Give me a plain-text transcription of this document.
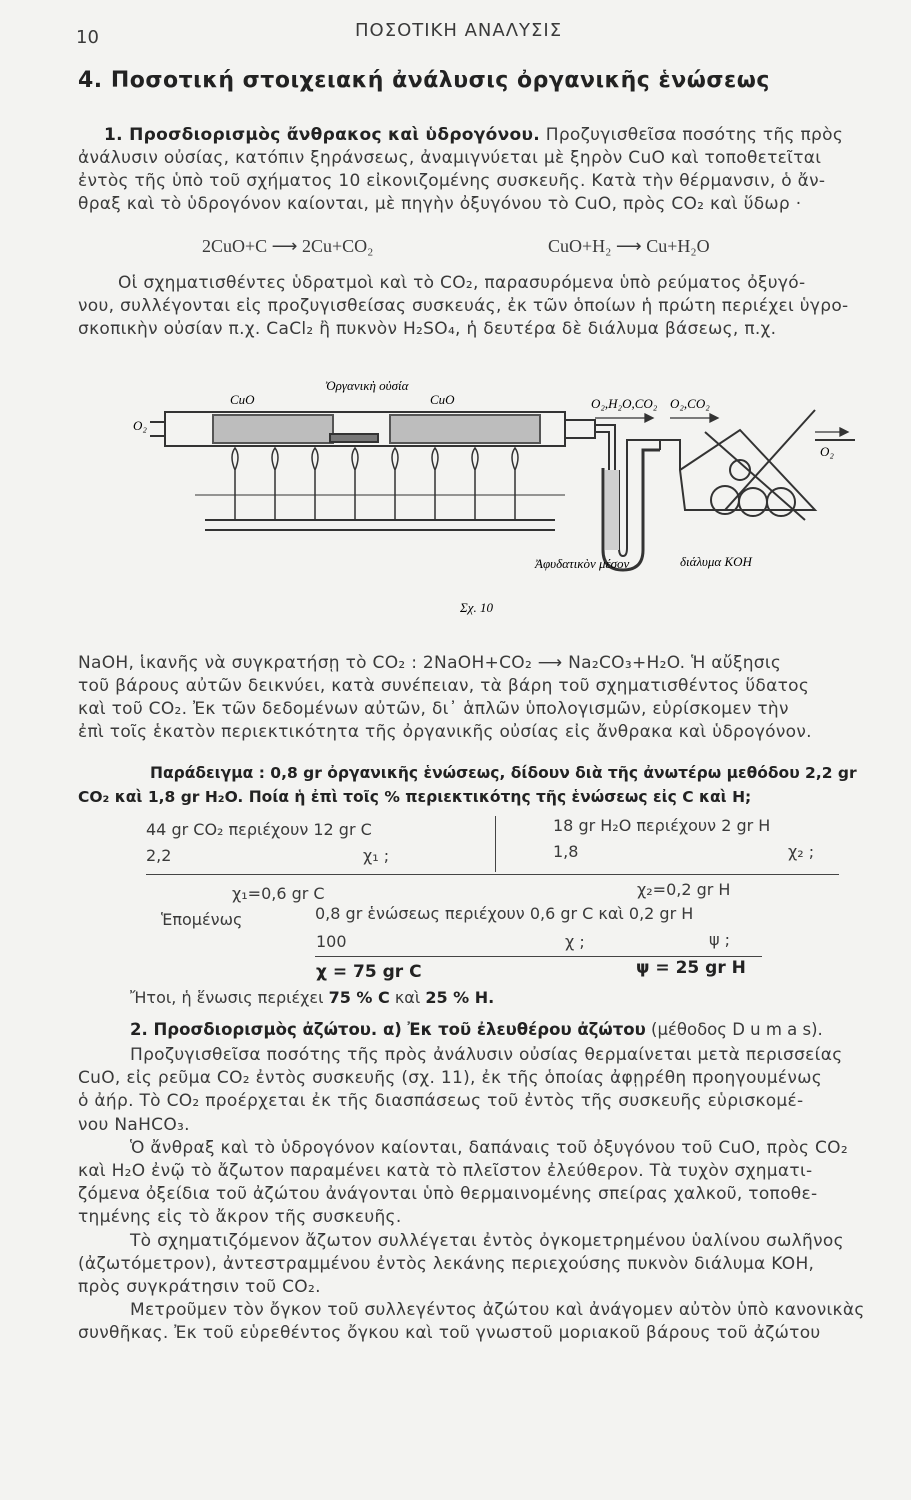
10	ΠΟΣΟΤΙΚΗ ΑΝΑΛΥΣΙΣ
4. Ποσοτική στοιχειακή ἀνάλυσις ὀργανικῆς ἑνώσεως
1. Προσδιορισμὸς ἄνθρακος καὶ ὑδρογόνου. Προζυγισθεῖσα ποσότης τῆς πρὸς
ἀνάλυσιν οὐσίας, κατόπιν ξηράνσεως, ἀναμιγνύεται μὲ ξηρὸν CuO καὶ τοποθετεῖται
ἐντὸς τῆς ὑπὸ τοῦ σχήματος 10 εἰκονιζομένης συσκευῆς. Κατὰ τὴν θέρμανσιν, ὁ ἄν-
θραξ καὶ τὸ ὑδρογόνον καίονται, μὲ πηγὴν ὀξυγόνου τὸ CuO, πρὸς CO₂ καὶ ὕδωρ ·
2CuO+C ⟶ 2Cu+CO₂	CuO+H₂ ⟶ Cu+H₂O
Οἱ σχηματισθέντες ὑδρατμοὶ καὶ τὸ CO₂, παρασυρόμενα ὑπὸ ρεύματος ὀξυγό-
νου, συλλέγονται εἰς προζυγισθείσας συσκευάς, ἐκ τῶν ὁποίων ἡ πρώτη περιέχει ὑγρο-
σκοπικὴν οὐσίαν π.χ. CaCl₂ ἢ πυκνὸν H₂SO₄, ἡ δευτέρα δὲ διάλυμα βάσεως, π.χ.
O₂
CuO
Ὀργανικὴ οὐσία
CuO	O₂,H₂O,CO₂ O₂,CO₂
O₂
Ἀφυδατικὸν μέσον	διάλυμα KOH
Σχ. 10
NaOH, ἱκανῆς νὰ συγκρατήσῃ τὸ CO₂ : 2NaOH+CO₂ ⟶ Na₂CO₃+H₂O. Ἡ αὔξησις
τοῦ βάρους αὐτῶν δεικνύει, κατὰ συνέπειαν, τὰ βάρη τοῦ σχηματισθέντος ὕδατος
καὶ τοῦ CO₂. Ἐκ τῶν δεδομένων αὐτῶν, δι᾽ ἁπλῶν ὑπολογισμῶν, εὑρίσκομεν τὴν
ἐπὶ τοῖς ἑκατὸν περιεκτικότητα τῆς ὀργανικῆς οὐσίας εἰς ἄνθρακα καὶ ὑδρογόνον.
Παράδειγμα : 0,8 gr ὀργανικῆς ἑνώσεως, δίδουν διὰ τῆς ἀνωτέρω μεθόδου 2,2 gr
CO₂ καὶ 1,8 gr H₂O. Ποία ἡ ἐπὶ τοῖς % περιεκτικότης τῆς ἑνώσεως εἰς C καὶ H;
44 gr CO₂ περιέχουν 12 gr C
2,2	χ₁ ;
18 gr H₂O περιέχουν 2 gr H
1,8	χ₂ ;
χ₁=0,6 gr C	χ₂=0,2 gr H
Ἑπομένως	0,8 gr ἑνώσεως περιέχουν 0,6 gr C καὶ 0,2 gr H
100	χ ;	ψ ;
χ = 75 gr C	ψ = 25 gr H
Ἤτοι, ἡ ἕνωσις περιέχει 75 % C καὶ 25 % H.
2. Προσδιορισμὸς ἀζώτου. α) Ἐκ τοῦ ἐλευθέρου ἀζώτου (μέθοδος D u m a s).
Προζυγισθεῖσα ποσότης τῆς πρὸς ἀνάλυσιν οὐσίας θερμαίνεται μετὰ περισσείας
CuO, εἰς ρεῦμα CO₂ ἐντὸς συσκευῆς (σχ. 11), ἐκ τῆς ὁποίας ἀφῃρέθη προηγουμένως
ὁ ἀήρ. Τὸ CO₂ προέρχεται ἐκ τῆς διασπάσεως τοῦ ἐντὸς τῆς συσκευῆς εὑρισκομέ-
νου NaHCO₃.
Ὁ ἄνθραξ καὶ τὸ ὑδρογόνον καίονται, δαπάναις τοῦ ὀξυγόνου τοῦ CuO, πρὸς CO₂
καὶ H₂O ἐνῷ τὸ ἄζωτον παραμένει κατὰ τὸ πλεῖστον ἐλεύθερον. Τὰ τυχὸν σχηματι-
ζόμενα ὀξείδια τοῦ ἀζώτου ἀνάγονται ὑπὸ θερμαινομένης σπείρας χαλκοῦ, τοποθε-
τημένης εἰς τὸ ἄκρον τῆς συσκευῆς.
Τὸ σχηματιζόμενον ἄζωτον συλλέγεται ἐντὸς ὀγκομετρημένου ὑαλίνου σωλῆνος
(ἀζωτόμετρον), ἀντεστραμμένου ἐντὸς λεκάνης περιεχούσης πυκνὸν διάλυμα KOH,
πρὸς συγκράτησιν τοῦ CO₂.
Μετροῦμεν τὸν ὄγκον τοῦ συλλεγέντος ἀζώτου καὶ ἀνάγομεν αὐτὸν ὑπὸ κανονικὰς
συνθῆκας. Ἐκ τοῦ εὑρεθέντος ὄγκου καὶ τοῦ γνωστοῦ μοριακοῦ βάρους τοῦ ἀζώτου
